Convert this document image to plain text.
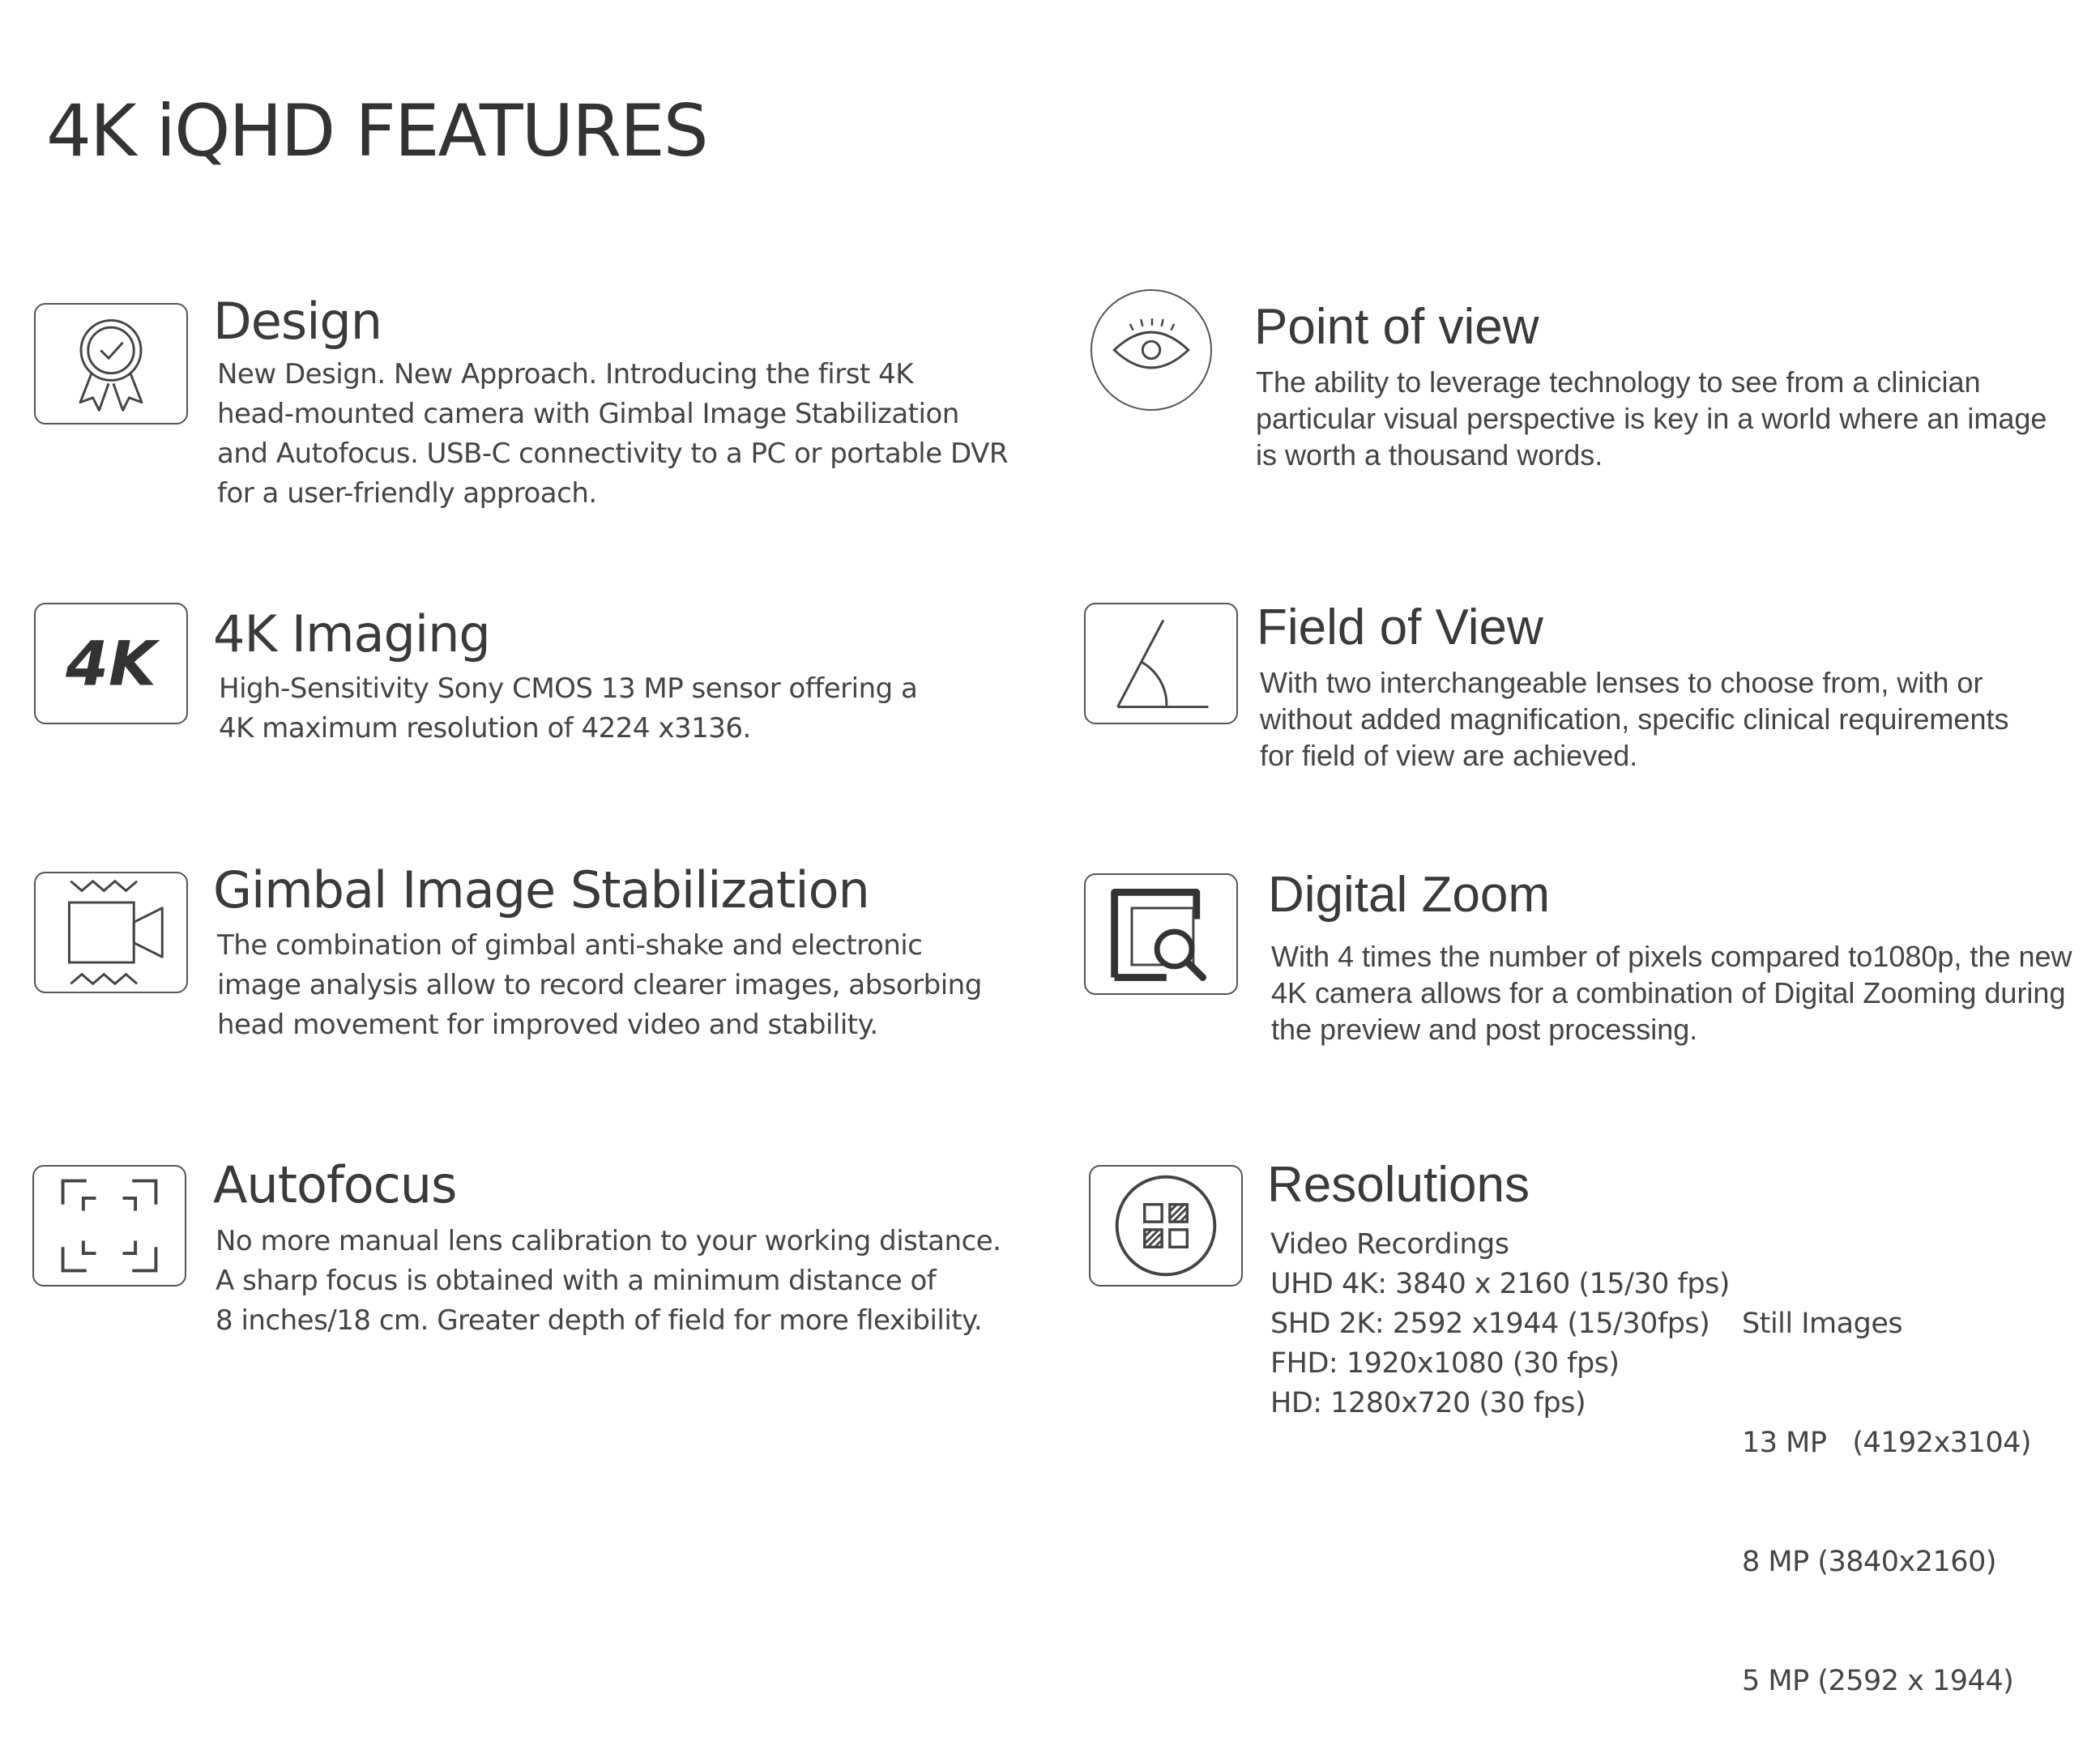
4K iQHD FEATURES
Design
New Design. New Approach. Introducing the first 4K
head-mounted camera with Gimbal Image Stabilization
and Autofocus. USB-C connectivity to a PC or portable DVR
for a user-friendly approach.
Point of view
The ability to leverage technology to see from a clinician
particular visual perspective is key in a world where an image
is worth a thousand words.
4K 4K Imaging
High-Sensitivity Sony CMOS 13 MP sensor offering a
4K maximum resolution of 4224 x3136.
Field of View
With two interchangeable lenses to choose from, with or
without added magnification, specific clinical requirements
for field of view are achieved.
Gimbal Image Stabilization
The combination of gimbal anti-shake and electronic
image analysis allow to record clearer images, absorbing
head movement for improved video and stability.
Digital Zoom
With 4 times the number of pixels compared to1080p, the new
4K camera allows for a combination of Digital Zooming during
the preview and post processing.
Autofocus
No more manual lens calibration to your working distance.
A sharp focus is obtained with a minimum distance of
8 inches/18 cm. Greater depth of field for more flexibility.
Resolutions
Video Recordings
UHD 4K: 3840 x 2160 (15/30 fps)
SHD 2K: 2592 x1944 (15/30fps)
FHD: 1920x1080 (30 fps)
HD: 1280x720 (30 fps)

Still Images

13 MP   (4192x3104)

8 MP (3840x2160)

5 MP (2592 x 1944)
